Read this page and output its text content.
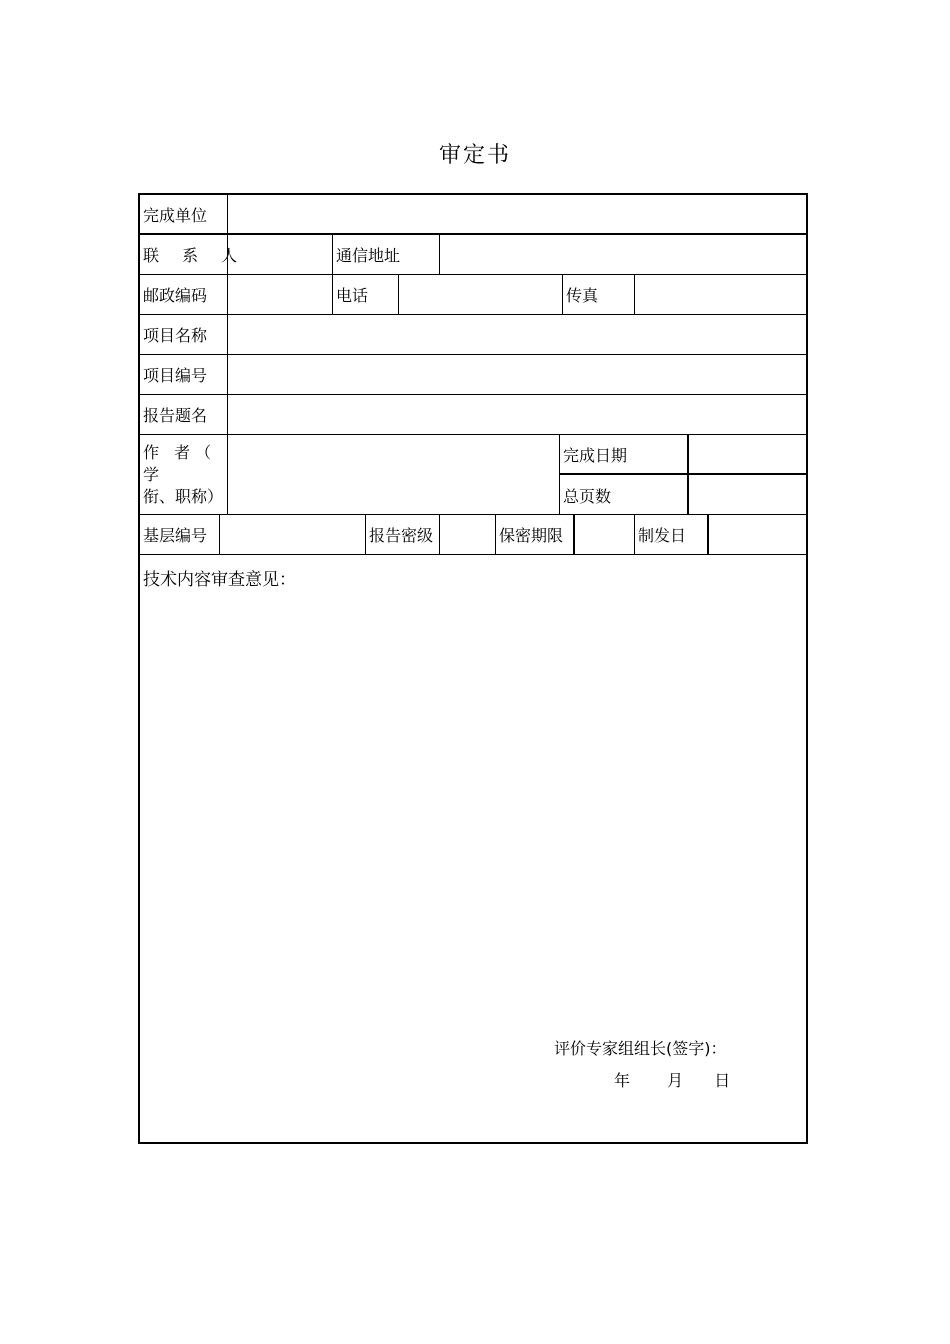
审定书
完成单位
联 系 人	通信地址
邮政编码	电话	传真
项目名称
项目编号
报告题名
作 者（ 学
衔、职称）
完成日期
总页数
基层编号	报告密级	保密期限	制发日
技术内容审查意见：
评价专家组组长(签字)：
年 月 日
